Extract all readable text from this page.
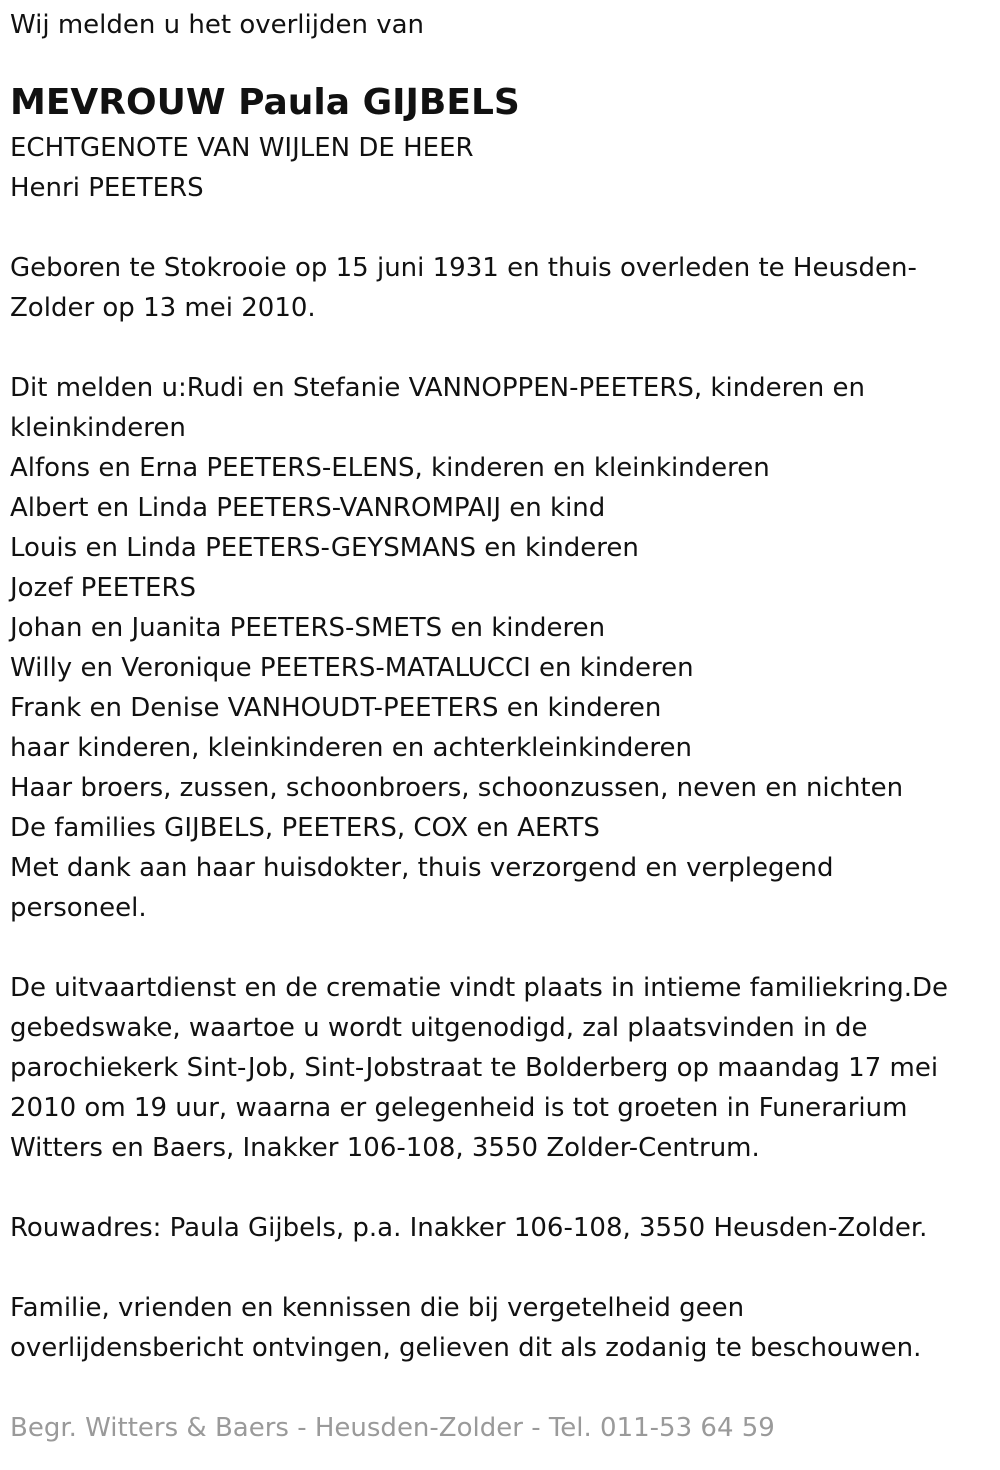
Wij melden u het overlijden van

MEVROUW Paula GIJBELS

ECHTGENOTE VAN WIJLEN DE HEER

Henri PEETERS

Geboren te Stokrooie op 15 juni 1931 en thuis overleden te Heusden-

Zolder op 13 mei 2010.

Dit melden u:Rudi en Stefanie VANNOPPEN-PEETERS, kinderen en

kleinkinderen

Alfons en Erna PEETERS-ELENS, kinderen en kleinkinderen

Albert en Linda PEETERS-VANROMPAIJ en kind

Louis en Linda PEETERS-GEYSMANS en kinderen

Jozef PEETERS

Johan en Juanita PEETERS-SMETS en kinderen

Willy en Veronique PEETERS-MATALUCCI en kinderen

Frank en Denise VANHOUDT-PEETERS en kinderen

haar kinderen, kleinkinderen en achterkleinkinderen

Haar broers, zussen, schoonbroers, schoonzussen, neven en nichten

De families GIJBELS, PEETERS, COX en AERTS

Met dank aan haar huisdokter, thuis verzorgend en verplegend

personeel.

De uitvaartdienst en de crematie vindt plaats in intieme familiekring.De

gebedswake, waartoe u wordt uitgenodigd, zal plaatsvinden in de

parochiekerk Sint-Job, Sint-Jobstraat te Bolderberg op maandag 17 mei

2010 om 19 uur, waarna er gelegenheid is tot groeten in Funerarium

Witters en Baers, Inakker 106-108, 3550 Zolder-Centrum.

Rouwadres: Paula Gijbels, p.a. Inakker 106-108, 3550 Heusden-Zolder.

Familie, vrienden en kennissen die bij vergetelheid geen

overlijdensbericht ontvingen, gelieven dit als zodanig te beschouwen.

Begr. Witters & Baers - Heusden-Zolder - Tel. 011-53 64 59
